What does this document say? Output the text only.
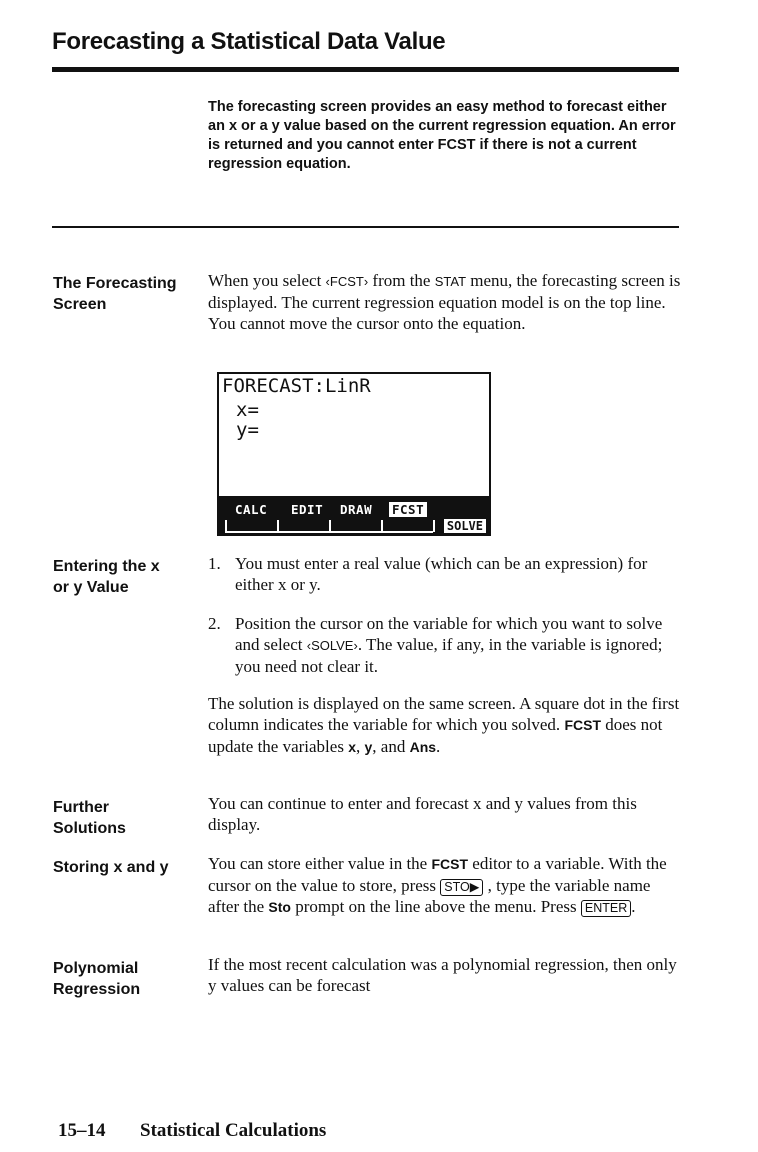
Forecasting a Statistical Data Value
The forecasting screen provides an easy method to forecast either an x or a y value based on the current regression equation. An error is returned and you cannot enter FCST if there is not a current regression equation.
The Forecasting
Screen
When you select ‹FCST› from the STAT menu, the forecasting screen is displayed. The current regression equation model is on the top line. You cannot move the cursor onto the equation.
FORECAST:LinR
x=
y=
CALC EDIT DRAW FCST
SOLVE
Entering the x
or y Value
1. You must enter a real value (which can be an expression) for either x or y.
2. Position the cursor on the variable for which you want to solve and select ‹SOLVE›. The value, if any, in the variable is ignored; you need not clear it.
The solution is displayed on the same screen. A square dot in the first column indicates the variable for which you solved. FCST does not update the variables x, y, and Ans.
Further
Solutions
You can continue to enter and forecast x and y values from this display.
Storing x and y You can store either value in the FCST editor to a variable. With the cursor on the value to store, press STO▶ , type the variable name after the Sto prompt on the line above the menu. Press ENTER .
Polynomial
Regression
If the most recent calculation was a polynomial regression, then only y values can be forecast
15–14 Statistical Calculations
